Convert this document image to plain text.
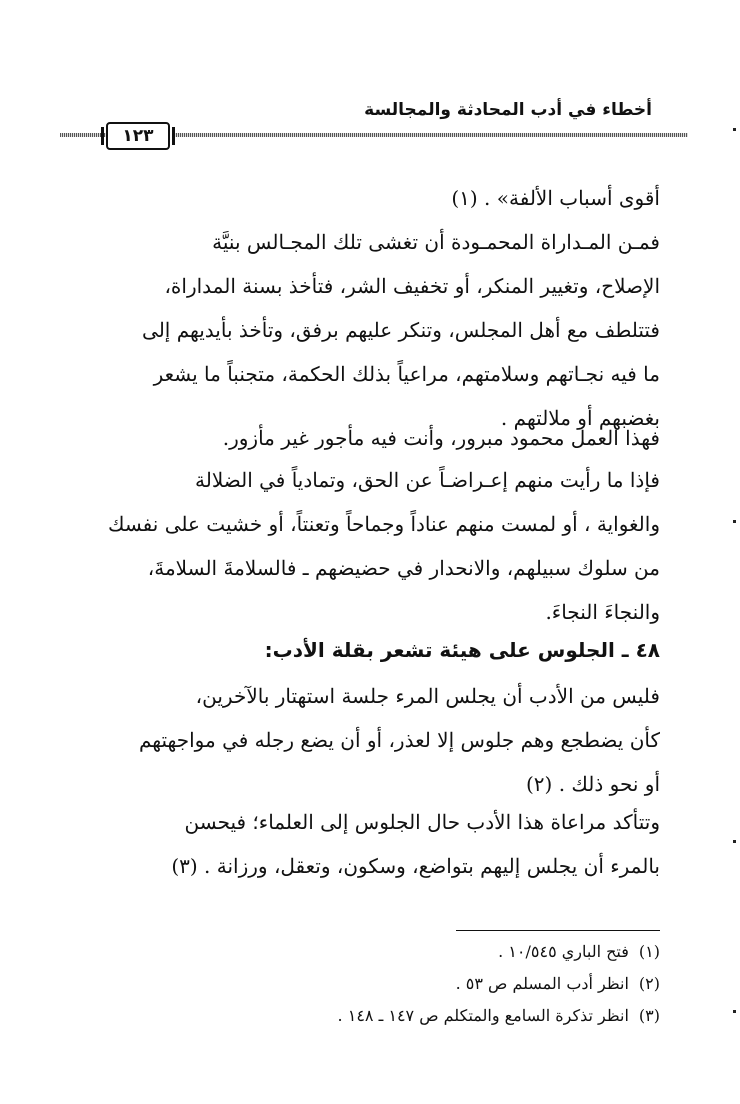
أخطاء في أدب المحادثة والمجالسة
١٢٣
أقوى أسباب الألفة» . (١)
فمـن المـداراة المحمـودة أن تغشى تلك المجـالس بنيَّة
الإصلاح، وتغيير المنكر، أو تخفيف الشر، فتأخذ بسنة المداراة،
فتتلطف مع أهل المجلس، وتنكر عليهم برفق، وتأخذ بأيديهم إلى
ما فيه نجـاتهم وسلامتهم، مراعياً بذلك الحكمة، متجنباً ما يشعر
بغضبهم أو ملالتهم .
فهذا العمل محمود مبرور، وأنت فيه مأجور غير مأزور.
فإذا ما رأيت منهم إعـراضـاً عن الحق، وتمادياً في الضلالة
والغواية ، أو لمست منهم عناداً وجماحاً وتعنتاً، أو خشيت على نفسك
من سلوك سبيلهم، والانحدار في حضيضهم ـ فالسلامةَ السلامةَ،
والنجاءَ النجاءَ.
٤٨ ـ الجلوس على هيئة تشعر بقلة الأدب:
فليس من الأدب أن يجلس المرء جلسة استهتار بالآخرين،
كأن يضطجع وهم جلوس إلا لعذر، أو أن يضع رجله في مواجهتهم
أو نحو ذلك . (٢)
وتتأكد مراعاة هذا الأدب حال الجلوس إلى العلماء؛ فيحسن
بالمرء أن يجلس إليهم بتواضع، وسكون، وتعقل، ورزانة . (٣)
(١)فتح الباري ١٠/٥٤٥ .
(٢)انظر أدب المسلم ص ٥٣ .
(٣)انظر تذكرة السامع والمتكلم ص ١٤٧ ـ ١٤٨ .
